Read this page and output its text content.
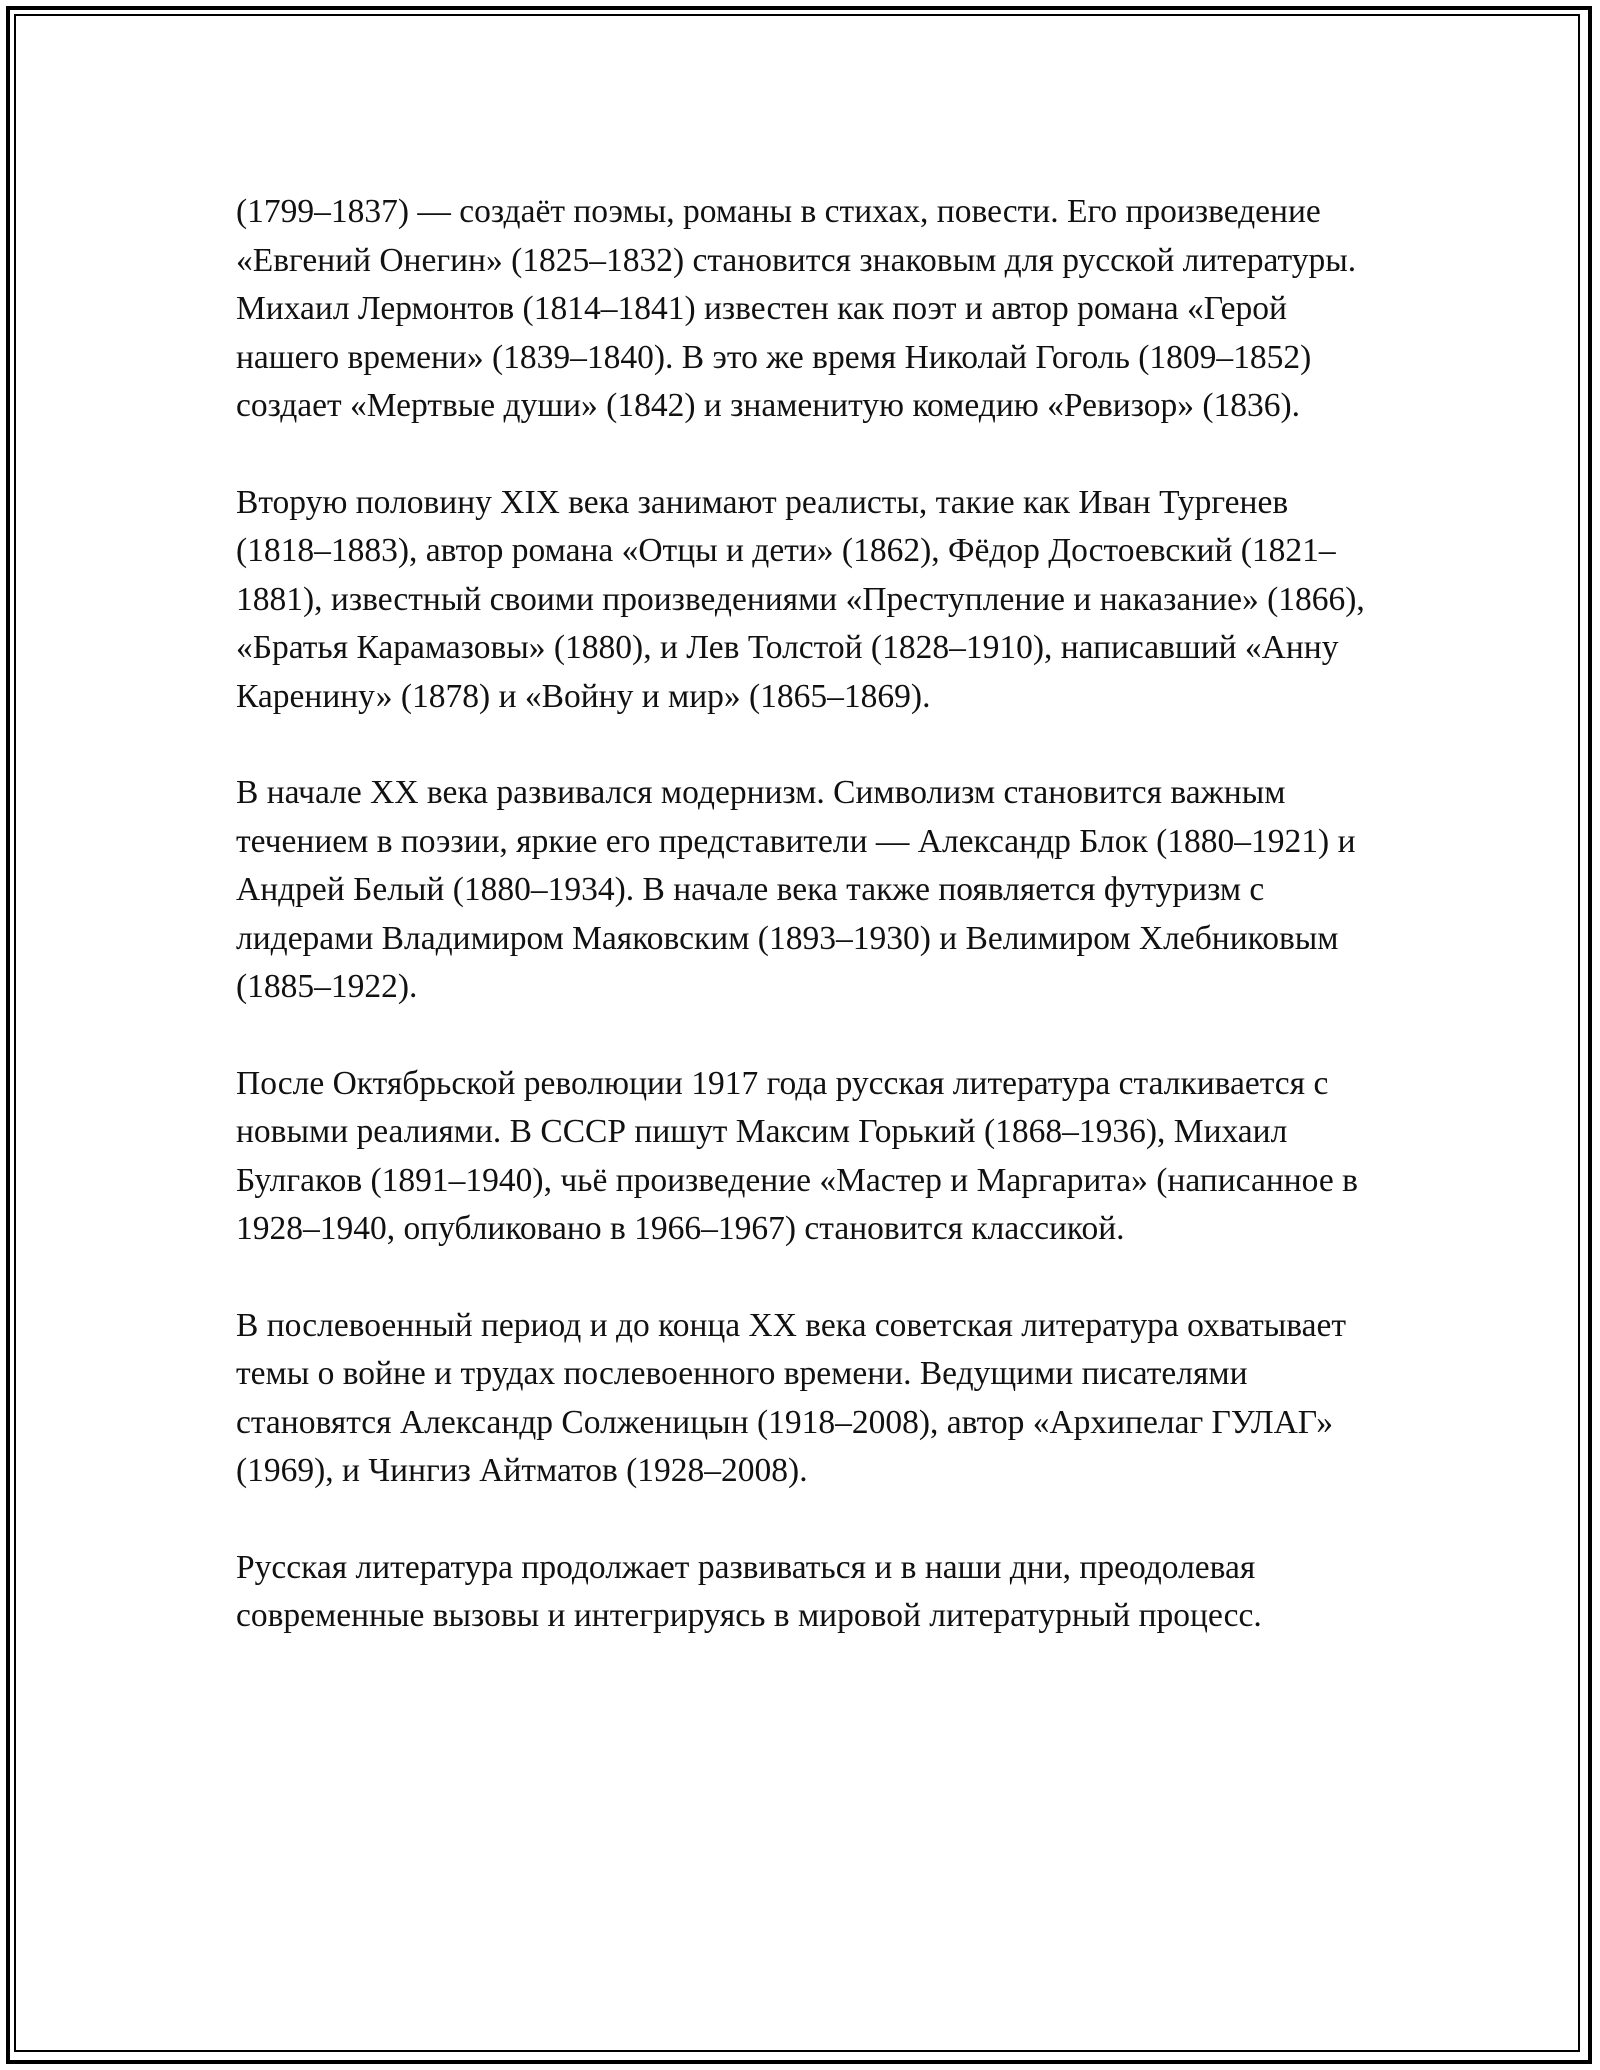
(1799–1837) — создаёт поэмы, романы в стихах, повести. Его произведение «Евгений Онегин» (1825–1832) становится знаковым для русской литературы. Михаил Лермонтов (1814–1841) известен как поэт и автор романа «Герой нашего времени» (1839–1840). В это же время Николай Гоголь (1809–1852) создает «Мертвые души» (1842) и знаменитую комедию «Ревизор» (1836).

Вторую половину XIX века занимают реалисты, такие как Иван Тургенев (1818–1883), автор романа «Отцы и дети» (1862), Фёдор Достоевский (1821–1881), известный своими произведениями «Преступление и наказание» (1866), «Братья Карамазовы» (1880), и Лев Толстой (1828–1910), написавший «Анну Каренину» (1878) и «Войну и мир» (1865–1869).

В начале XX века развивался модернизм. Символизм становится важным течением в поэзии, яркие его представители — Александр Блок (1880–1921) и Андрей Белый (1880–1934). В начале века также появляется футуризм с лидерами Владимиром Маяковским (1893–1930) и Велимиром Хлебниковым (1885–1922).

После Октябрьской революции 1917 года русская литература сталкивается с новыми реалиями. В СССР пишут Максим Горький (1868–1936), Михаил Булгаков (1891–1940), чьё произведение «Мастер и Маргарита» (написанное в 1928–1940, опубликовано в 1966–1967) становится классикой.

В послевоенный период и до конца XX века советская литература охватывает темы о войне и трудах послевоенного времени. Ведущими писателями становятся Александр Солженицын (1918–2008), автор «Архипелаг ГУЛАГ» (1969), и Чингиз Айтматов (1928–2008).

Русская литература продолжает развиваться и в наши дни, преодолевая современные вызовы и интегрируясь в мировой литературный процесс.
